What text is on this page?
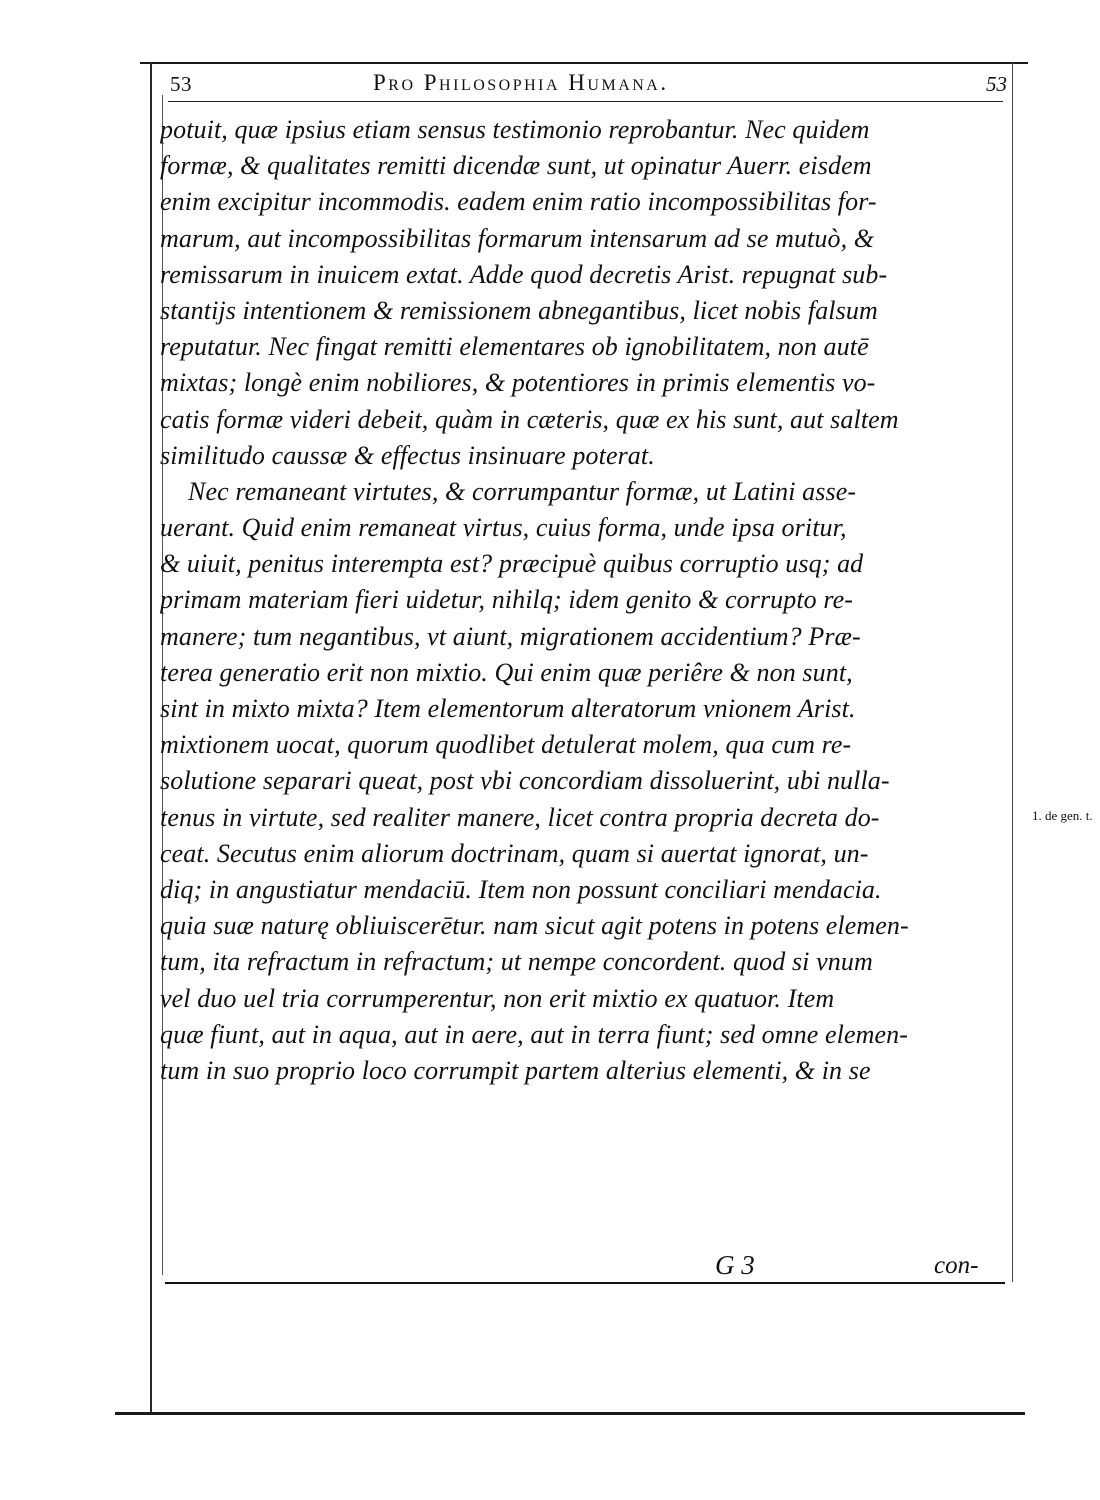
53	Pro Philosophia Humana.	53
potuit, quæ ipsius etiam sensus testimonio reprobantur. Nec quidem
formæ, & qualitates remitti dicendæ sunt, ut opinatur Auerr. eisdem
enim excipitur incommodis. eadem enim ratio incompossibilitas for-
marum, aut incompossibilitas formarum intensarum ad se mutuò, &
remissarum in inuicem extat. Adde quod decretis Arist. repugnat sub-
stantijs intentionem & remissionem abnegantibus, licet nobis falsum
reputatur. Nec fingat remitti elementares ob ignobilitatem, non autē
mixtas; longè enim nobiliores, & potentiores in primis elementis vo-
catis formæ videri debeit, quàm in cæteris, quæ ex his sunt, aut saltem
similitudo caussæ & effectus insinuare poterat.
Nec remaneant virtutes, & corrumpantur formæ, ut Latini asse-
uerant. Quid enim remaneat virtus, cuius forma, unde ipsa oritur,
& uiuit, penitus interempta est? præcipuè quibus corruptio usq; ad
primam materiam fieri uidetur, nihilq; idem genito & corrupto re-
manere; tum negantibus, vt aiunt, migrationem accidentium? Præ-
terea generatio erit non mixtio. Qui enim quæ periêre & non sunt,
sint in mixto mixta? Item elementorum alteratorum vnionem Arist.
mixtionem uocat, quorum quodlibet detulerat molem, qua cum re-
solutione separari queat, post vbi concordiam dissoluerint, ubi nulla-
tenus in virtute, sed realiter manere, licet contra propria decreta do-
ceat. Secutus enim aliorum doctrinam, quam si auertat ignorat, un-
diq; in angustiatur mendaciū. Item non possunt conciliari mendacia.
quia suæ naturę obliuiscerētur. nam sicut agit potens in potens elemen-
tum, ita refractum in refractum; ut nempe concordent. quod si vnum
vel duo uel tria corrumperentur, non erit mixtio ex quatuor. Item
quæ fiunt, aut in aqua, aut in aere, aut in terra fiunt; sed omne elemen-
tum in suo proprio loco corrumpit partem alterius elementi, & in se
1. de gen. t.
G 3	con-
